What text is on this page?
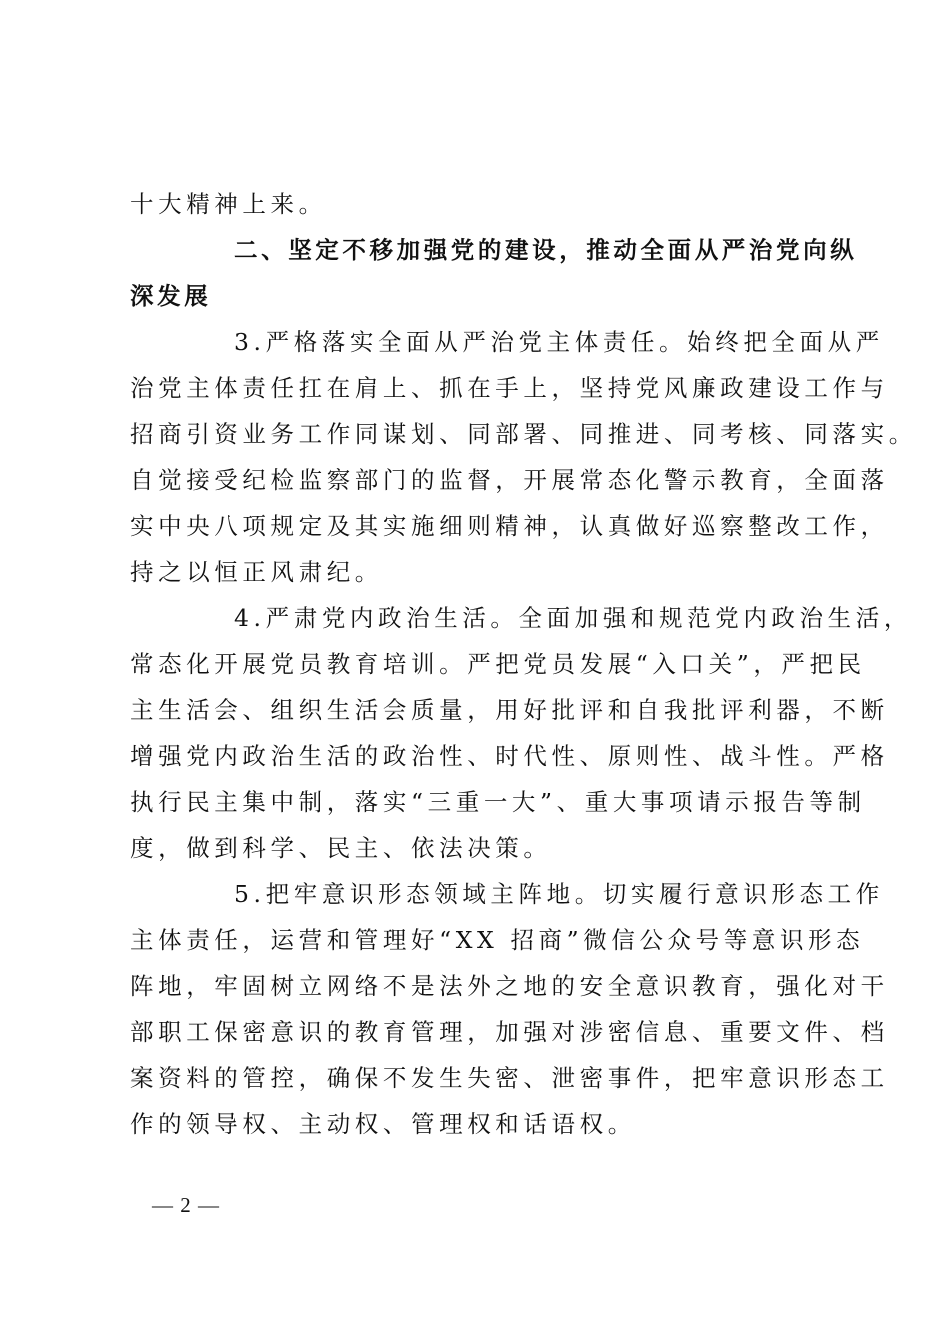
十大精神上来。
二、坚定不移加强党的建设，推动全面从严治党向纵
深发展
3.严格落实全面从严治党主体责任。始终把全面从严
治党主体责任扛在肩上、抓在手上，坚持党风廉政建设工作与
招商引资业务工作同谋划、同部署、同推进、同考核、同落实。
自觉接受纪检监察部门的监督，开展常态化警示教育，全面落
实中央八项规定及其实施细则精神，认真做好巡察整改工作，
持之以恒正风肃纪。
4.严肃党内政治生活。全面加强和规范党内政治生活，
常态化开展党员教育培训。严把党员发展“入口关”，严把民
主生活会、组织生活会质量，用好批评和自我批评利器，不断
增强党内政治生活的政治性、时代性、原则性、战斗性。严格
执行民主集中制，落实“三重一大”、重大事项请示报告等制
度，做到科学、民主、依法决策。
5.把牢意识形态领域主阵地。切实履行意识形态工作
主体责任，运营和管理好“XX 招商”微信公众号等意识形态
阵地，牢固树立网络不是法外之地的安全意识教育，强化对干
部职工保密意识的教育管理，加强对涉密信息、重要文件、档
案资料的管控，确保不发生失密、泄密事件，把牢意识形态工
作的领导权、主动权、管理权和话语权。
— 2 —
